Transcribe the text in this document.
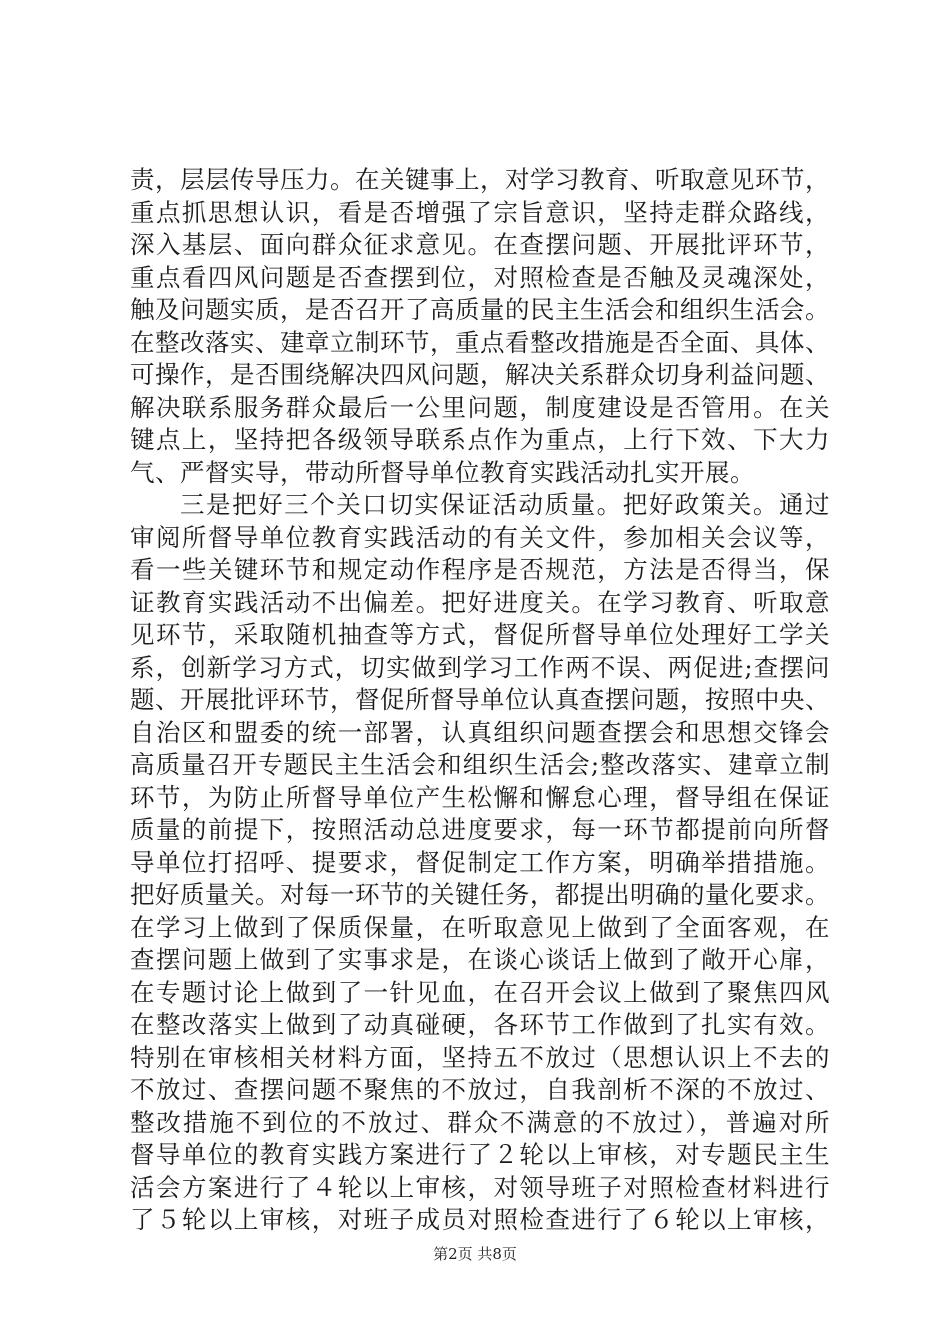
责，层层传导压力。在关键事上，对学习教育、听取意见环节，
重点抓思想认识，看是否增强了宗旨意识，坚持走群众路线，
深入基层、面向群众征求意见。在查摆问题、开展批评环节，
重点看四风问题是否查摆到位，对照检查是否触及灵魂深处，
触及问题实质，是否召开了高质量的民主生活会和组织生活会。
在整改落实、建章立制环节，重点看整改措施是否全面、具体、
可操作，是否围绕解决四风问题，解决关系群众切身利益问题、
解决联系服务群众最后一公里问题，制度建设是否管用。在关
键点上，坚持把各级领导联系点作为重点，上行下效、下大力
气、严督实导，带动所督导单位教育实践活动扎实开展。
三是把好三个关口切实保证活动质量。把好政策关。通过
审阅所督导单位教育实践活动的有关文件，参加相关会议等，
看一些关键环节和规定动作程序是否规范，方法是否得当，保
证教育实践活动不出偏差。把好进度关。在学习教育、听取意
见环节，采取随机抽查等方式，督促所督导单位处理好工学关
系，创新学习方式，切实做到学习工作两不误、两促进;查摆问
题、开展批评环节，督促所督导单位认真查摆问题，按照中央、
自治区和盟委的统一部署，认真组织问题查摆会和思想交锋会
高质量召开专题民主生活会和组织生活会;整改落实、建章立制
环节，为防止所督导单位产生松懈和懈怠心理，督导组在保证
质量的前提下，按照活动总进度要求，每一环节都提前向所督
导单位打招呼、提要求，督促制定工作方案，明确举措措施。
把好质量关。对每一环节的关键任务，都提出明确的量化要求。
在学习上做到了保质保量，在听取意见上做到了全面客观，在
查摆问题上做到了实事求是，在谈心谈话上做到了敞开心扉，
在专题讨论上做到了一针见血，在召开会议上做到了聚焦四风
在整改落实上做到了动真碰硬，各环节工作做到了扎实有效。
特别在审核相关材料方面，坚持五不放过（思想认识上不去的
不放过、查摆问题不聚焦的不放过，自我剖析不深的不放过、
整改措施不到位的不放过、群众不满意的不放过），普遍对所
督导单位的教育实践方案进行了２轮以上审核，对专题民主生
活会方案进行了４轮以上审核，对领导班子对照检查材料进行
了５轮以上审核，对班子成员对照检查进行了６轮以上审核，
第2页 共8页
